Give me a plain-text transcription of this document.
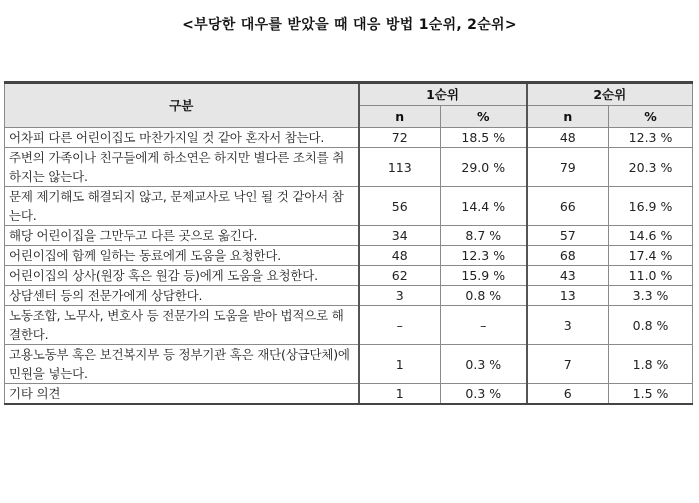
<부당한 대우를 받았을 때 대응 방법 1순위, 2순위>
구분	1순위		2순위	
	n	%	n	%
어차피 다른 어린이집도 마찬가지일 것 같아 혼자서 참는다.	72	18.5 %	48	12.3 %
주변의 가족이나 친구들에게 하소연은 하지만 별다른 조치를 취하지는 않는다.	113	29.0 %	79	20.3 %
문제 제기해도 해결되지 않고, 문제교사로 낙인 될 것 같아서 참는다.	56	14.4 %	66	16.9 %
해당 어린이집을 그만두고 다른 곳으로 옮긴다.	34	8.7 %	57	14.6 %
어린이집에 함께 일하는 동료에게 도움을 요청한다.	48	12.3 %	68	17.4 %
어린이집의 상사(원장 혹은 원감 등)에게 도움을 요청한다.	62	15.9 %	43	11.0 %
상담센터 등의 전문가에게 상담한다.	3	0.8 %	13	3.3 %
노동조합, 노무사, 변호사 등 전문가의 도움을 받아 법적으로 해결한다.	–	–	3	0.8 %
고용노동부 혹은 보건복지부 등 정부기관 혹은 재단(상급단체)에 민원을 넣는다.	1	0.3 %	7	1.8 %
기타 의견	1	0.3 %	6	1.5 %
